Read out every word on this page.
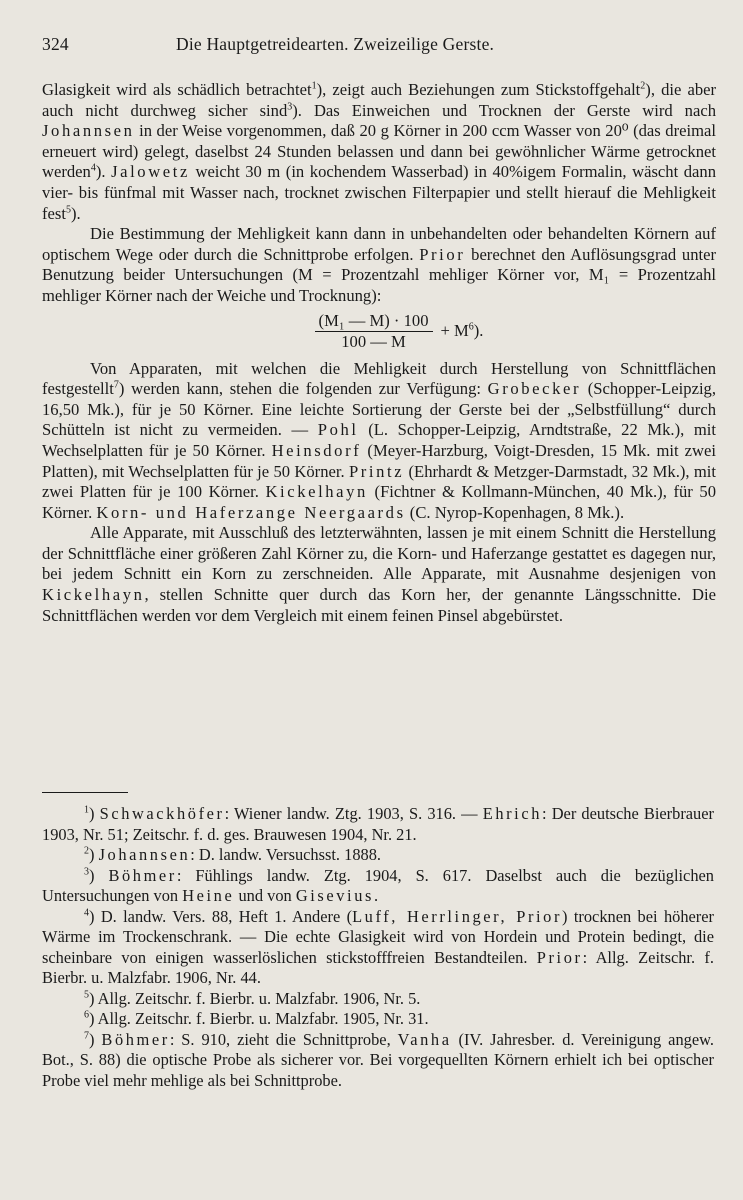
324	Die Hauptgetreidearten. Zweizeilige Gerste.

Glasigkeit wird als schädlich betrachtet$^1$), zeigt auch Beziehungen zum Stickstoffgehalt$^2$), die aber auch nicht durchweg sicher sind$^3$). Das Einweichen und Trocknen der Gerste wird nach Johannsen in der Weise vorgenommen, daß 20 g Körner in 200 ccm Wasser von 20⁰ (das dreimal erneuert wird) gelegt, daselbst 24 Stunden belassen und dann bei gewöhnlicher Wärme getrocknet werden$^4$). Jalowetz weicht 30 m (in kochendem Wasserbad) in 40%igem Formalin, wäscht dann vier- bis fünfmal mit Wasser nach, trocknet zwischen Filterpapier und stellt hierauf die Mehligkeit fest$^5$).

Die Bestimmung der Mehligkeit kann dann in unbehandelten oder behandelten Körnern auf optischem Wege oder durch die Schnittprobe erfolgen. Prior berechnet den Auflösungsgrad unter Benutzung beider Untersuchungen (M = Prozentzahl mehliger Körner vor, M₁ = Prozentzahl mehliger Körner nach der Weiche und Trocknung):

$\frac{\text{(M₁ — M) · 100}}{100 — M} + M^6$).

Von Apparaten, mit welchen die Mehligkeit durch Herstellung von Schnittflächen festgestellt$^7$) werden kann, stehen die folgenden zur Verfügung: Grobecker (Schopper-Leipzig, 16,50 Mk.), für je 50 Körner. Eine leichte Sortierung der Gerste bei der „Selbstfüllung“ durch Schütteln ist nicht zu vermeiden. — Pohl (L. Schopper-Leipzig, Arndtstraße, 22 Mk.), mit Wechselplatten für je 50 Körner. Heinsdorf (Meyer-Harzburg, Voigt-Dresden, 15 Mk. mit zwei Platten), mit Wechselplatten für je 50 Körner. Printz (Ehrhardt & Metzger-Darmstadt, 32 Mk.), mit zwei Platten für je 100 Körner. Kickelhayn (Fichtner & Kollmann-München, 40 Mk.), für 50 Körner. Korn- und Haferzange Neergaards (C. Nyrop-Kopenhagen, 8 Mk.).

Alle Apparate, mit Ausschluß des letzterwähnten, lassen je mit einem Schnitt die Herstellung der Schnittfläche einer größeren Zahl Körner zu, die Korn- und Haferzange gestattet es dagegen nur, bei jedem Schnitt ein Korn zu zerschneiden. Alle Apparate, mit Ausnahme desjenigen von Kickelhayn, stellen Schnitte quer durch das Korn her, der genannte Längsschnitte. Die Schnittflächen werden vor dem Vergleich mit einem feinen Pinsel abgebürstet.

$^1$) Schwackhöfer: Wiener landw. Ztg. 1903, S. 316. — Ehrich: Der deutsche Bierbrauer 1903, Nr. 51; Zeitschr. f. d. ges. Brauwesen 1904, Nr. 21.

$^2$) Johannsen: D. landw. Versuchsst. 1888.

$^3$) Böhmer: Fühlings landw. Ztg. 1904, S. 617. Daselbst auch die bezüglichen Untersuchungen von Heine und von Gisevius.

$^4$) D. landw. Vers. 88, Heft 1. Andere (Luff, Herrlinger, Prior) trocknen bei höherer Wärme im Trockenschrank. — Die echte Glasigkeit wird von Hordein und Protein bedingt, die scheinbare von einigen wasserlöslichen stickstofffreien Bestandteilen. Prior: Allg. Zeitschr. f. Bierbr. u. Malzfabr. 1906, Nr. 44.

$^5$) Allg. Zeitschr. f. Bierbr. u. Malzfabr. 1906, Nr. 5.

$^6$) Allg. Zeitschr. f. Bierbr. u. Malzfabr. 1905, Nr. 31.

$^7$) Böhmer: S. 910, zieht die Schnittprobe, Vanha (IV. Jahresber. d. Vereinigung angew. Bot., S. 88) die optische Probe als sicherer vor. Bei vorgequellten Körnern erhielt ich bei optischer Probe viel mehr mehlige als bei Schnittprobe.
